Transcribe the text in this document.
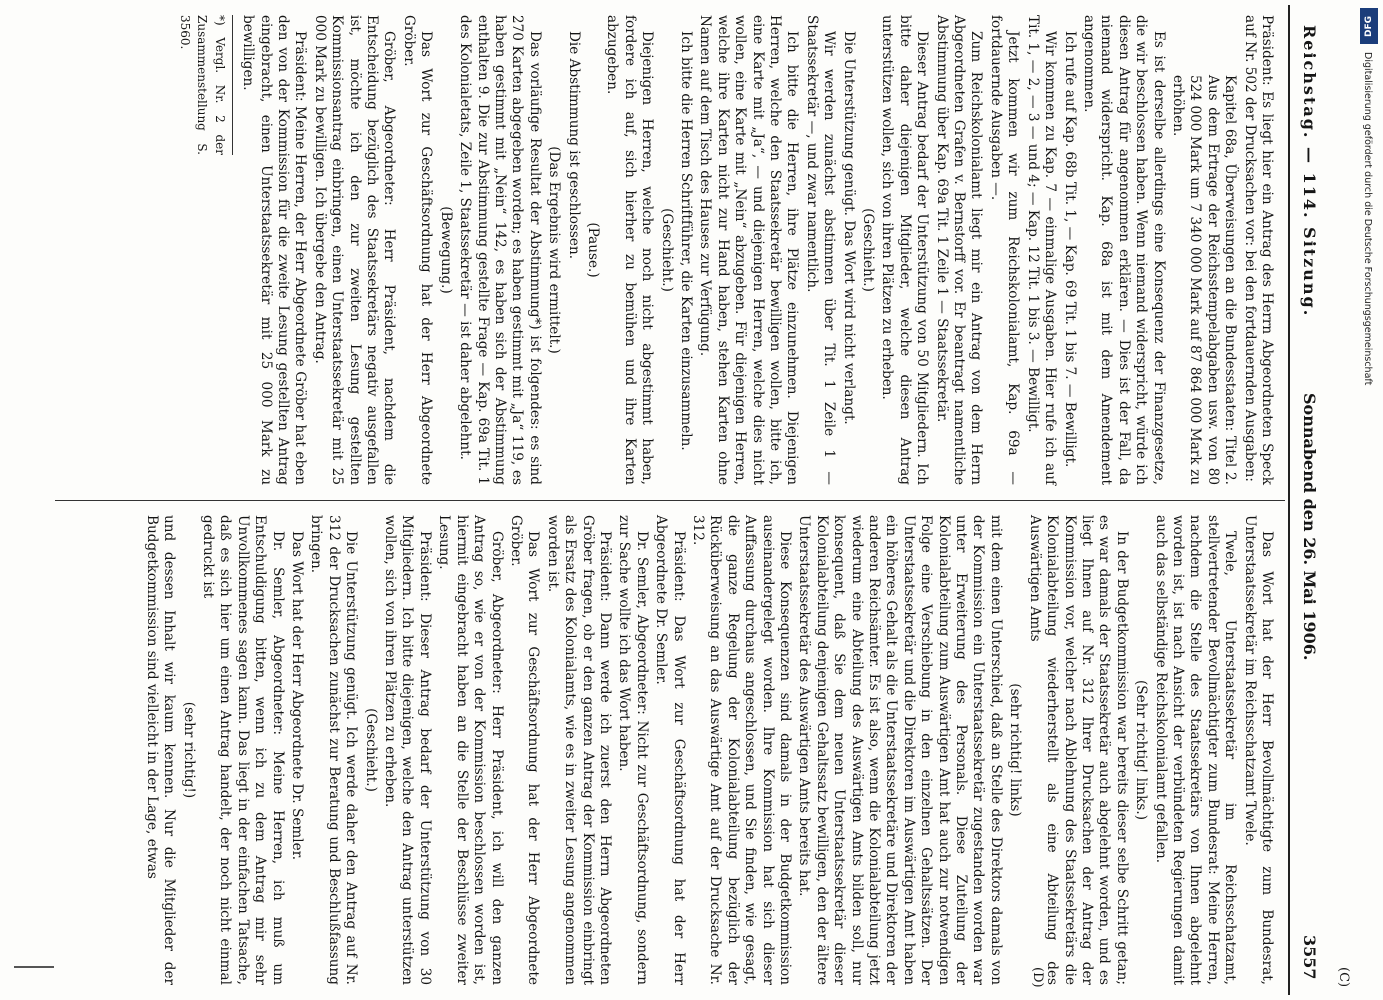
Reichstag. — 114. Sitzung.
Sonnabend den 26. Mai 1906.
3557 (C)
(D)

Präsident: Es liegt hier ein Antrag des Herrn Abgeordneten Speck auf Nr. 502 der Drucksachen vor: bei den fortdauernden Ausgaben:

Kapitel 68a, Überweisungen an die Bundesstaaten: Titel 2. Aus dem Ertrage der Reichsstempelabgaben usw. von 80 524 000 Mark um 7 340 000 Mark auf 87 864 000 Mark zu erhöhen.

Es ist derselbe allerdings eine Konsequenz der Finanzgesetze, die wir beschlossen haben. Wenn niemand widerspricht, würde ich diesen Antrag für angenommen erklären. — Dies ist der Fall, da niemand widerspricht. Kap. 68a ist mit dem Amendement angenommen.

Ich rufe auf Kap. 68b Tit. 1, — Kap. 69 Tit. 1 bis 7. — Bewilligt.

Wir kommen zu Kap. 7 — einmalige Ausgaben. Hier rufe ich auf Tit. 1, — 2, — 3 — und 4; — Kap. 12 Tit. 1 bis 3. — Bewilligt.

Jetzt kommen wir zum Reichskolonialamt, Kap. 69a — fortdauernde Ausgaben —.

Zum Reichskolonialamt liegt mir ein Antrag von dem Herrn Abgeordneten Grafen v. Bernstorff vor. Er beantragt namentliche Abstimmung über Kap. 69a Tit. 1 Zeile 1 — Staatssekretär.

Dieser Antrag bedarf der Unterstützung von 50 Mitgliedern. Ich bitte daher diejenigen Mitglieder, welche diesen Antrag unterstützen wollen, sich von ihren Plätzen zu erheben.

(Geschieht.)

Die Unterstützung genügt. Das Wort wird nicht verlangt.

Wir werden zunächst abstimmen über Tit. 1 Zeile 1 — Staatssekretär —, und zwar namentlich.

Ich bitte die Herren, ihre Plätze einzunehmen. Diejenigen Herren, welche den Staatssekretär bewilligen wollen, bitte ich, eine Karte mit „Ja“, — und diejenigen Herren, welche dies nicht wollen, eine Karte mit „Nein“ abzugeben. Für diejenigen Herren, welche ihre Karten nicht zur Hand haben, stehen Karten ohne Namen auf dem Tisch des Hauses zur Verfügung.

Ich bitte die Herren Schriftführer, die Karten einzusammeln.

(Geschieht.)

Diejenigen Herren, welche noch nicht abgestimmt haben, fordere ich auf, sich hierher zu bemühen und ihre Karten abzugeben.

(Pause.)

Die Abstimmung ist geschlossen.

(Das Ergebnis wird ermittelt.)

Das vorläufige Resultat der Abstimmung*) ist folgendes: es sind 270 Karten abgegeben worden; es haben gestimmt mit „Ja“ 119, es haben gestimmt mit „Nein“ 142, es haben sich der Abstimmung enthalten 9. Die zur Abstimmung gestellte Frage — Kap. 69a Tit. 1 des Kolonialetats, Zeile 1, Staatssekretär — ist daher abgelehnt.

(Bewegung.)

Das Wort zur Geschäftsordnung hat der Herr Abgeordnete Gröber.

Gröber, Abgeordneter: Herr Präsident, nachdem die Entscheidung bezüglich des Staatssekretärs negativ ausgefallen ist, möchte ich den zur zweiten Lesung gestellten Kommissionsantrag einbringen, einen Unterstaatssekretär mit 25 000 Mark zu bewilligen. Ich übergebe den Antrag.

Präsident: Meine Herren, der Herr Abgeordnete Gröber hat eben den von der Kommission für die zweite Lesung gestellten Antrag eingebracht, einen Unterstaatssekretär mit 25 000 Mark zu bewilligen.

*) Vergl. Nr. 2 der Zusammenstellung S. 3560.

Das Wort hat der Herr Bevollmächtigte zum Bundesrat, Unterstaatssekretär im Reichsschatzamt Twele.

Twele, Unterstaatssekretär im Reichsschatzamt, stellvertretender Bevollmächtigter zum Bundesrat: Meine Herren, nachdem die Stelle des Staatssekretärs von Ihnen abgelehnt worden ist, ist nach Ansicht der verbündeten Regierungen damit auch das selbständige Reichskolonialamt gefallen.

(Sehr richtig! links.)

In der Budgetkommission war bereits dieser selbe Schritt getan; es war damals der Staatssekretär auch abgelehnt worden, und es liegt Ihnen auf Nr. 312 Ihrer Drucksachen der Antrag der Kommission vor, welcher nach Ablehnung des Staatssekretärs die Kolonialabteilung wiederherstellt als eine Abteilung des Auswärtigen Amts

(sehr richtig! links)

mit dem einen Unterschied, daß an Stelle des Direktors damals von der Kommission ein Unterstaatssekretär zugestanden worden war unter Erweiterung des Personals. Diese Zuteilung der Kolonialabteilung zum Auswärtigen Amt hat auch zur notwendigen Folge eine Verschiebung in den einzelnen Gehaltssätzen. Der Unterstaatssekretär und die Direktoren im Auswärtigen Amt haben ein höheres Gehalt als die Unterstaatssekretäre und Direktoren der anderen Reichsämter. Es ist also, wenn die Kolonialabteilung jetzt wiederum eine Abteilung des Auswärtigen Amts bilden soll, nur konsequent, daß Sie dem neuen Unterstaatssekretär dieser Kolonialabteilung denjenigen Gehaltssatz bewilligen, den der ältere Unterstaatssekretär des Auswärtigen Amts bereits hat.

Diese Konsequenzen sind damals in der Budgetkommission auseinandergelegt worden. Ihre Kommission hat sich dieser Auffassung durchaus angeschlossen, und Sie finden, wie gesagt, die ganze Regelung der Kolonialabteilung bezüglich der Rücküberweisung an das Auswärtige Amt auf der Drucksache Nr. 312.

Präsident: Das Wort zur Geschäftsordnung hat der Herr Abgeordnete Dr. Semler.

Dr. Semler, Abgeordneter: Nicht zur Geschäftsordnung, sondern zur Sache wollte ich das Wort haben.

Präsident: Dann werde ich zuerst den Herrn Abgeordneten Gröber fragen, ob er den ganzen Antrag der Kommission einbringt als Ersatz des Kolonialamts, wie es in zweiter Lesung angenommen worden ist.

Das Wort zur Geschäftsordnung hat der Herr Abgeordnete Gröber.

Gröber, Abgeordneter: Herr Präsident, ich will den ganzen Antrag so, wie er von der Kommission beschlossen worden ist, hiermit eingebracht haben an die Stelle der Beschlüsse zweiter Lesung.

Präsident: Dieser Antrag bedarf der Unterstützung von 30 Mitgliedern. Ich bitte diejenigen, welche den Antrag unterstützen wollen, sich von ihren Plätzen zu erheben.

(Geschieht.)

Die Unterstützung genügt. Ich werde daher den Antrag auf Nr. 312 der Drucksachen zunächst zur Beratung und Beschlußfassung bringen.

Das Wort hat der Herr Abgeordnete Dr. Semler.

Dr. Semler, Abgeordneter: Meine Herren, ich muß um Entschuldigung bitten, wenn ich zu dem Antrag mir sehr Unvollkommenes sagen kann. Das liegt in der einfachen Tatsache, daß es sich hier um einen Antrag handelt, der noch nicht einmal gedruckt ist

(sehr richtig!)

und dessen Inhalt wir kaum kennen. Nur die Mitglieder der Budgetkommission sind vielleicht in der Lage, etwas

DFG
Digitalisierung gefördert durch die Deutsche Forschungsgemeinschaft
